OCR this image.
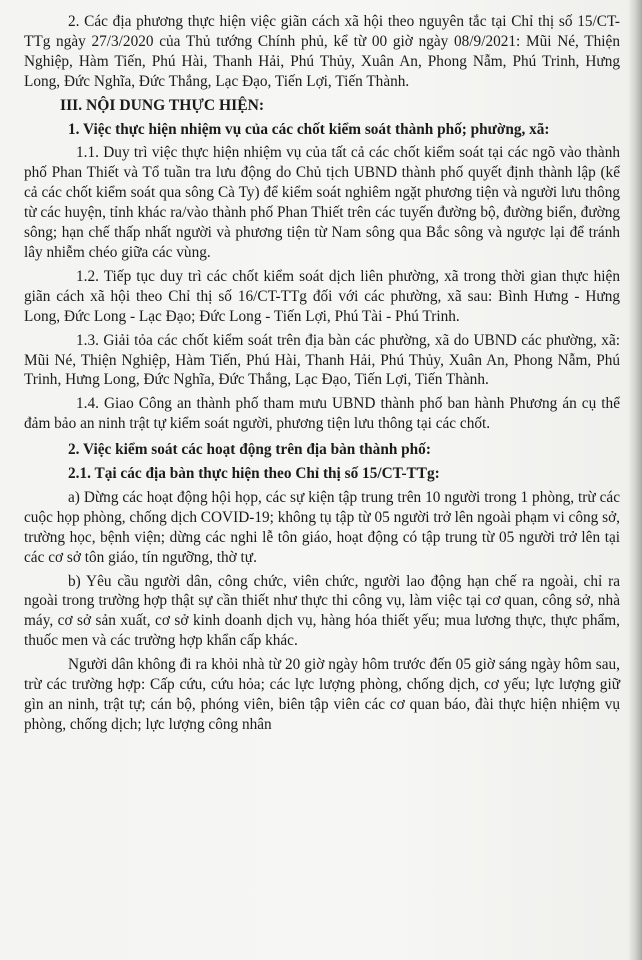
2. Các địa phương thực hiện việc giãn cách xã hội theo nguyên tắc tại Chỉ thị số 15/CT-TTg ngày 27/3/2020 của Thủ tướng Chính phủ, kể từ 00 giờ ngày 08/9/2021: Mũi Né, Thiện Nghiệp, Hàm Tiến, Phú Hài, Thanh Hải, Phú Thủy, Xuân An, Phong Nẫm, Phú Trinh, Hưng Long, Đức Nghĩa, Đức Thắng, Lạc Đạo, Tiến Lợi, Tiến Thành.

III. NỘI DUNG THỰC HIỆN:

1. Việc thực hiện nhiệm vụ của các chốt kiểm soát thành phố; phường, xã:

1.1. Duy trì việc thực hiện nhiệm vụ của tất cả các chốt kiểm soát tại các ngõ vào thành phố Phan Thiết và Tổ tuần tra lưu động do Chủ tịch UBND thành phố quyết định thành lập (kể cả các chốt kiểm soát qua sông Cà Ty) để kiểm soát nghiêm ngặt phương tiện và người lưu thông từ các huyện, tỉnh khác ra/vào thành phố Phan Thiết trên các tuyến đường bộ, đường biển, đường sông; hạn chế thấp nhất người và phương tiện từ Nam sông qua Bắc sông và ngược lại để tránh lây nhiễm chéo giữa các vùng.

1.2. Tiếp tục duy trì các chốt kiểm soát dịch liên phường, xã trong thời gian thực hiện giãn cách xã hội theo Chỉ thị số 16/CT-TTg đối với các phường, xã sau: Bình Hưng - Hưng Long, Đức Long - Lạc Đạo; Đức Long - Tiến Lợi, Phú Tài - Phú Trinh.

1.3. Giải tỏa các chốt kiểm soát trên địa bàn các phường, xã do UBND các phường, xã: Mũi Né, Thiện Nghiệp, Hàm Tiến, Phú Hài, Thanh Hải, Phú Thủy, Xuân An, Phong Nẫm, Phú Trinh, Hưng Long, Đức Nghĩa, Đức Thắng, Lạc Đạo, Tiến Lợi, Tiến Thành.

1.4. Giao Công an thành phố tham mưu UBND thành phố ban hành Phương án cụ thể đảm bảo an ninh trật tự kiểm soát người, phương tiện lưu thông tại các chốt.

2. Việc kiểm soát các hoạt động trên địa bàn thành phố:

2.1. Tại các địa bàn thực hiện theo Chỉ thị số 15/CT-TTg:

a) Dừng các hoạt động hội họp, các sự kiện tập trung trên 10 người trong 1 phòng, trừ các cuộc họp phòng, chống dịch COVID-19; không tụ tập từ 05 người trở lên ngoài phạm vi công sở, trường học, bệnh viện; dừng các nghi lễ tôn giáo, hoạt động có tập trung từ 05 người trở lên tại các cơ sở tôn giáo, tín ngưỡng, thờ tự.

b) Yêu cầu người dân, công chức, viên chức, người lao động hạn chế ra ngoài, chỉ ra ngoài trong trường hợp thật sự cần thiết như thực thi công vụ, làm việc tại cơ quan, công sở, nhà máy, cơ sở sản xuất, cơ sở kinh doanh dịch vụ, hàng hóa thiết yếu; mua lương thực, thực phẩm, thuốc men và các trường hợp khẩn cấp khác.

Người dân không đi ra khỏi nhà từ 20 giờ ngày hôm trước đến 05 giờ sáng ngày hôm sau, trừ các trường hợp: Cấp cứu, cứu hỏa; các lực lượng phòng, chống dịch, cơ yếu; lực lượng giữ gìn an ninh, trật tự; cán bộ, phóng viên, biên tập viên các cơ quan báo, đài thực hiện nhiệm vụ phòng, chống dịch; lực lượng công nhân
